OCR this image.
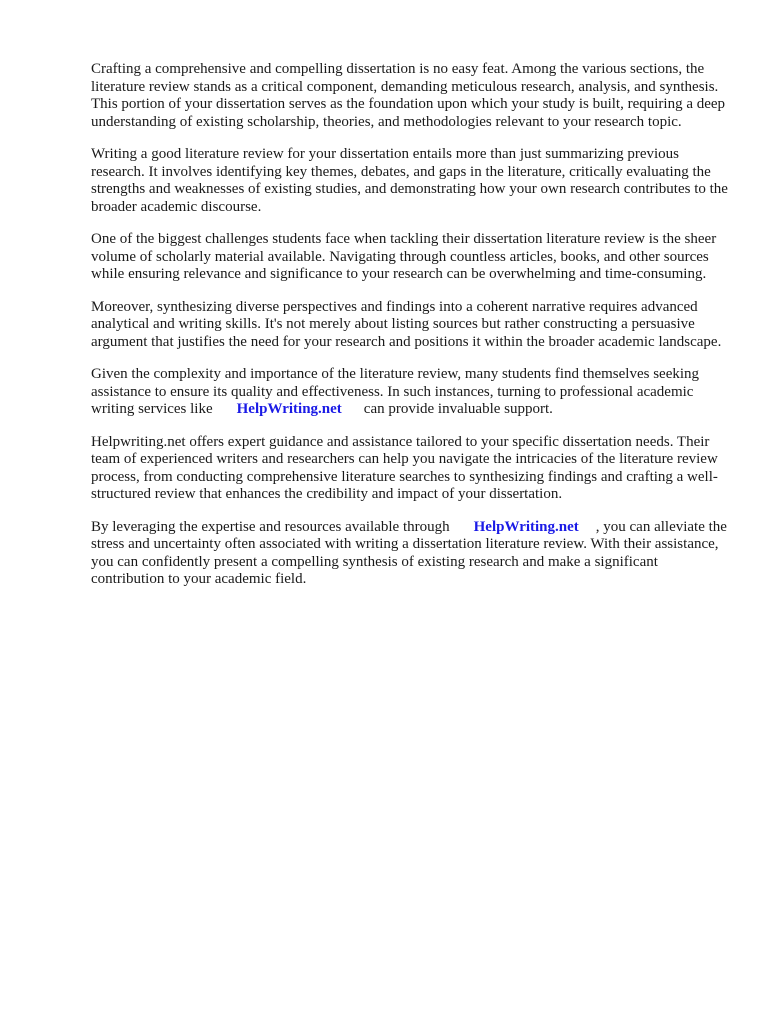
Crafting a comprehensive and compelling dissertation is no easy feat. Among the various sections, the literature review stands as a critical component, demanding meticulous research, analysis, and synthesis. This portion of your dissertation serves as the foundation upon which your study is built, requiring a deep understanding of existing scholarship, theories, and methodologies relevant to your research topic.

Writing a good literature review for your dissertation entails more than just summarizing previous research. It involves identifying key themes, debates, and gaps in the literature, critically evaluating the strengths and weaknesses of existing studies, and demonstrating how your own research contributes to the broader academic discourse.

One of the biggest challenges students face when tackling their dissertation literature review is the sheer volume of scholarly material available. Navigating through countless articles, books, and other sources while ensuring relevance and significance to your research can be overwhelming and time-consuming.

Moreover, synthesizing diverse perspectives and findings into a coherent narrative requires advanced analytical and writing skills. It's not merely about listing sources but rather constructing a persuasive argument that justifies the need for your research and positions it within the broader academic landscape.

Given the complexity and importance of the literature review, many students find themselves seeking assistance to ensure its quality and effectiveness. In such instances, turning to professional academic writing services like HelpWriting.net can provide invaluable support.

Helpwriting.net offers expert guidance and assistance tailored to your specific dissertation needs. Their team of experienced writers and researchers can help you navigate the intricacies of the literature review process, from conducting comprehensive literature searches to synthesizing findings and crafting a well-structured review that enhances the credibility and impact of your dissertation.

By leveraging the expertise and resources available through HelpWriting.net , you can alleviate the stress and uncertainty often associated with writing a dissertation literature review. With their assistance, you can confidently present a compelling synthesis of existing research and make a significant contribution to your academic field.
